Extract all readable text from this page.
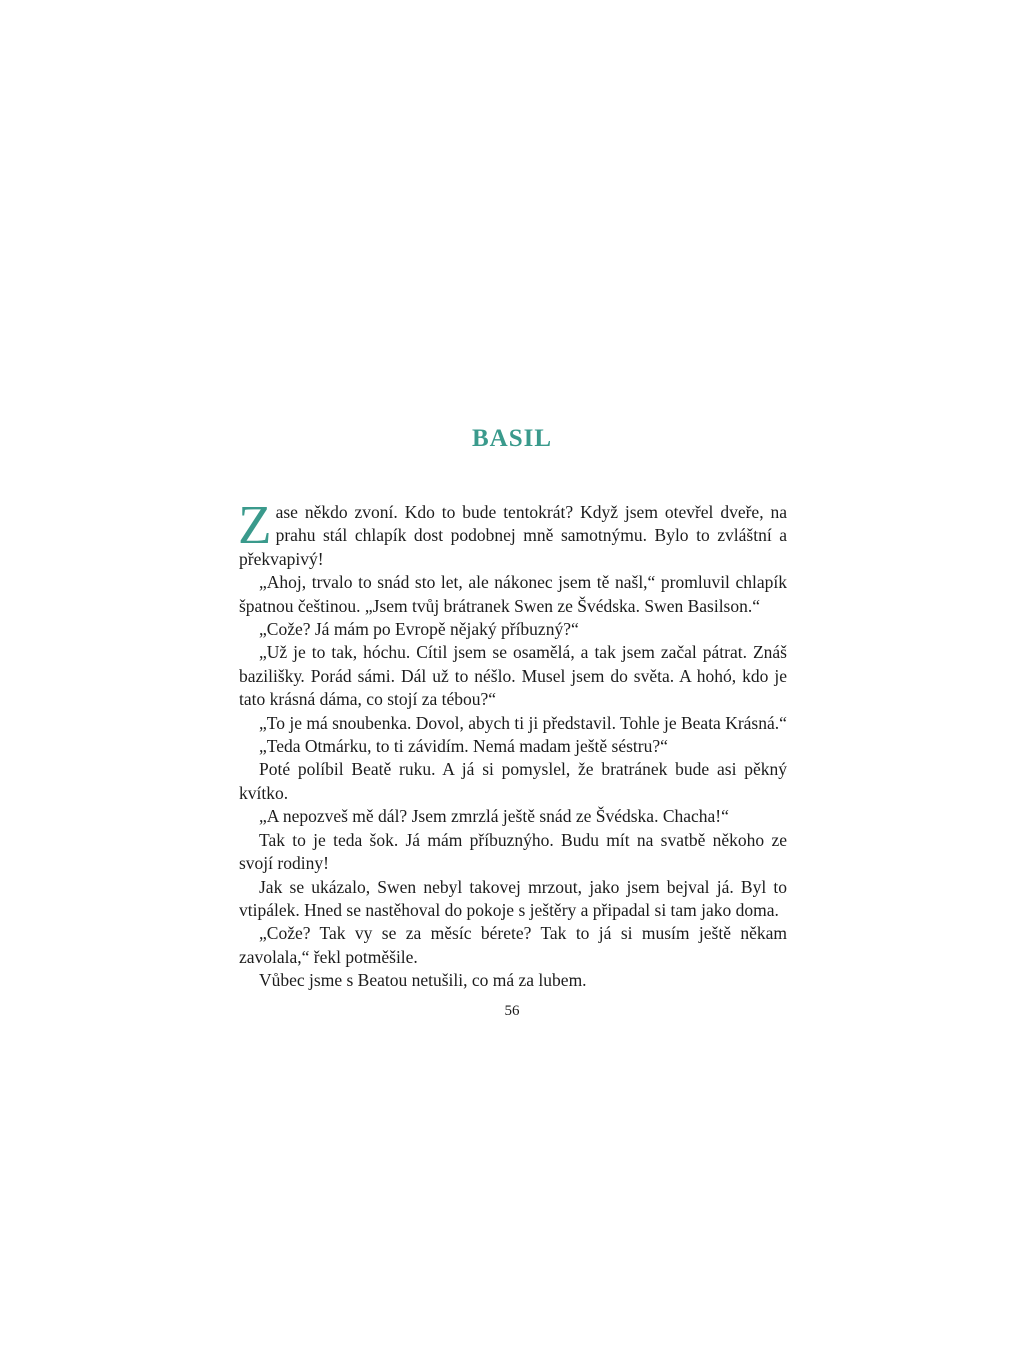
BASIL

Zase někdo zvoní. Kdo to bude tentokrát? Když jsem otevřel dveře, na prahu stál chlapík dost podobnej mně samotnýmu. Bylo to zvláštní a překvapivý!

„Ahoj, trvalo to snád sto let, ale nákonec jsem tě našl,“ promluvil chlapík špatnou češtinou. „Jsem tvůj brátranek Swen ze Švédska. Swen Basilson.“

„Cože? Já mám po Evropě nějaký příbuzný?“

„Už je to tak, hóchu. Cítil jsem se osamělá, a tak jsem začal pátrat. Znáš baziliškу. Porád sámi. Dál už to néšlo. Musel jsem do světa. A hohó, kdo je tato krásná dáma, co stojí za tébou?“

„To je má snoubenka. Dovol, abych ti ji představil. Tohle je Beata Krásná.“

„Teda Otmárku, to ti závidím. Nemá madam ještě séstru?“

Poté políbil Beatě ruku. A já si pomyslel, že bratránek bude asi pěkný kvítko.

„A nepozveš mě dál? Jsem zmrzlá ještě snád ze Švédska. Chacha!“

Tak to je teda šok. Já mám příbuznýho. Budu mít na svatbě někoho ze svojí rodiny!

Jak se ukázalo, Swen nebyl takovej mrzout, jako jsem bejval já. Byl to vtipálek. Hned se nastěhoval do pokoje s ještěry a připadal si tam jako doma.

„Cože? Tak vy se za měsíc bérete? Tak to já si musím ještě někam zavolala,“ řekl potměšile.

Vůbec jsme s Beatou netušili, co má za lubem.

56
